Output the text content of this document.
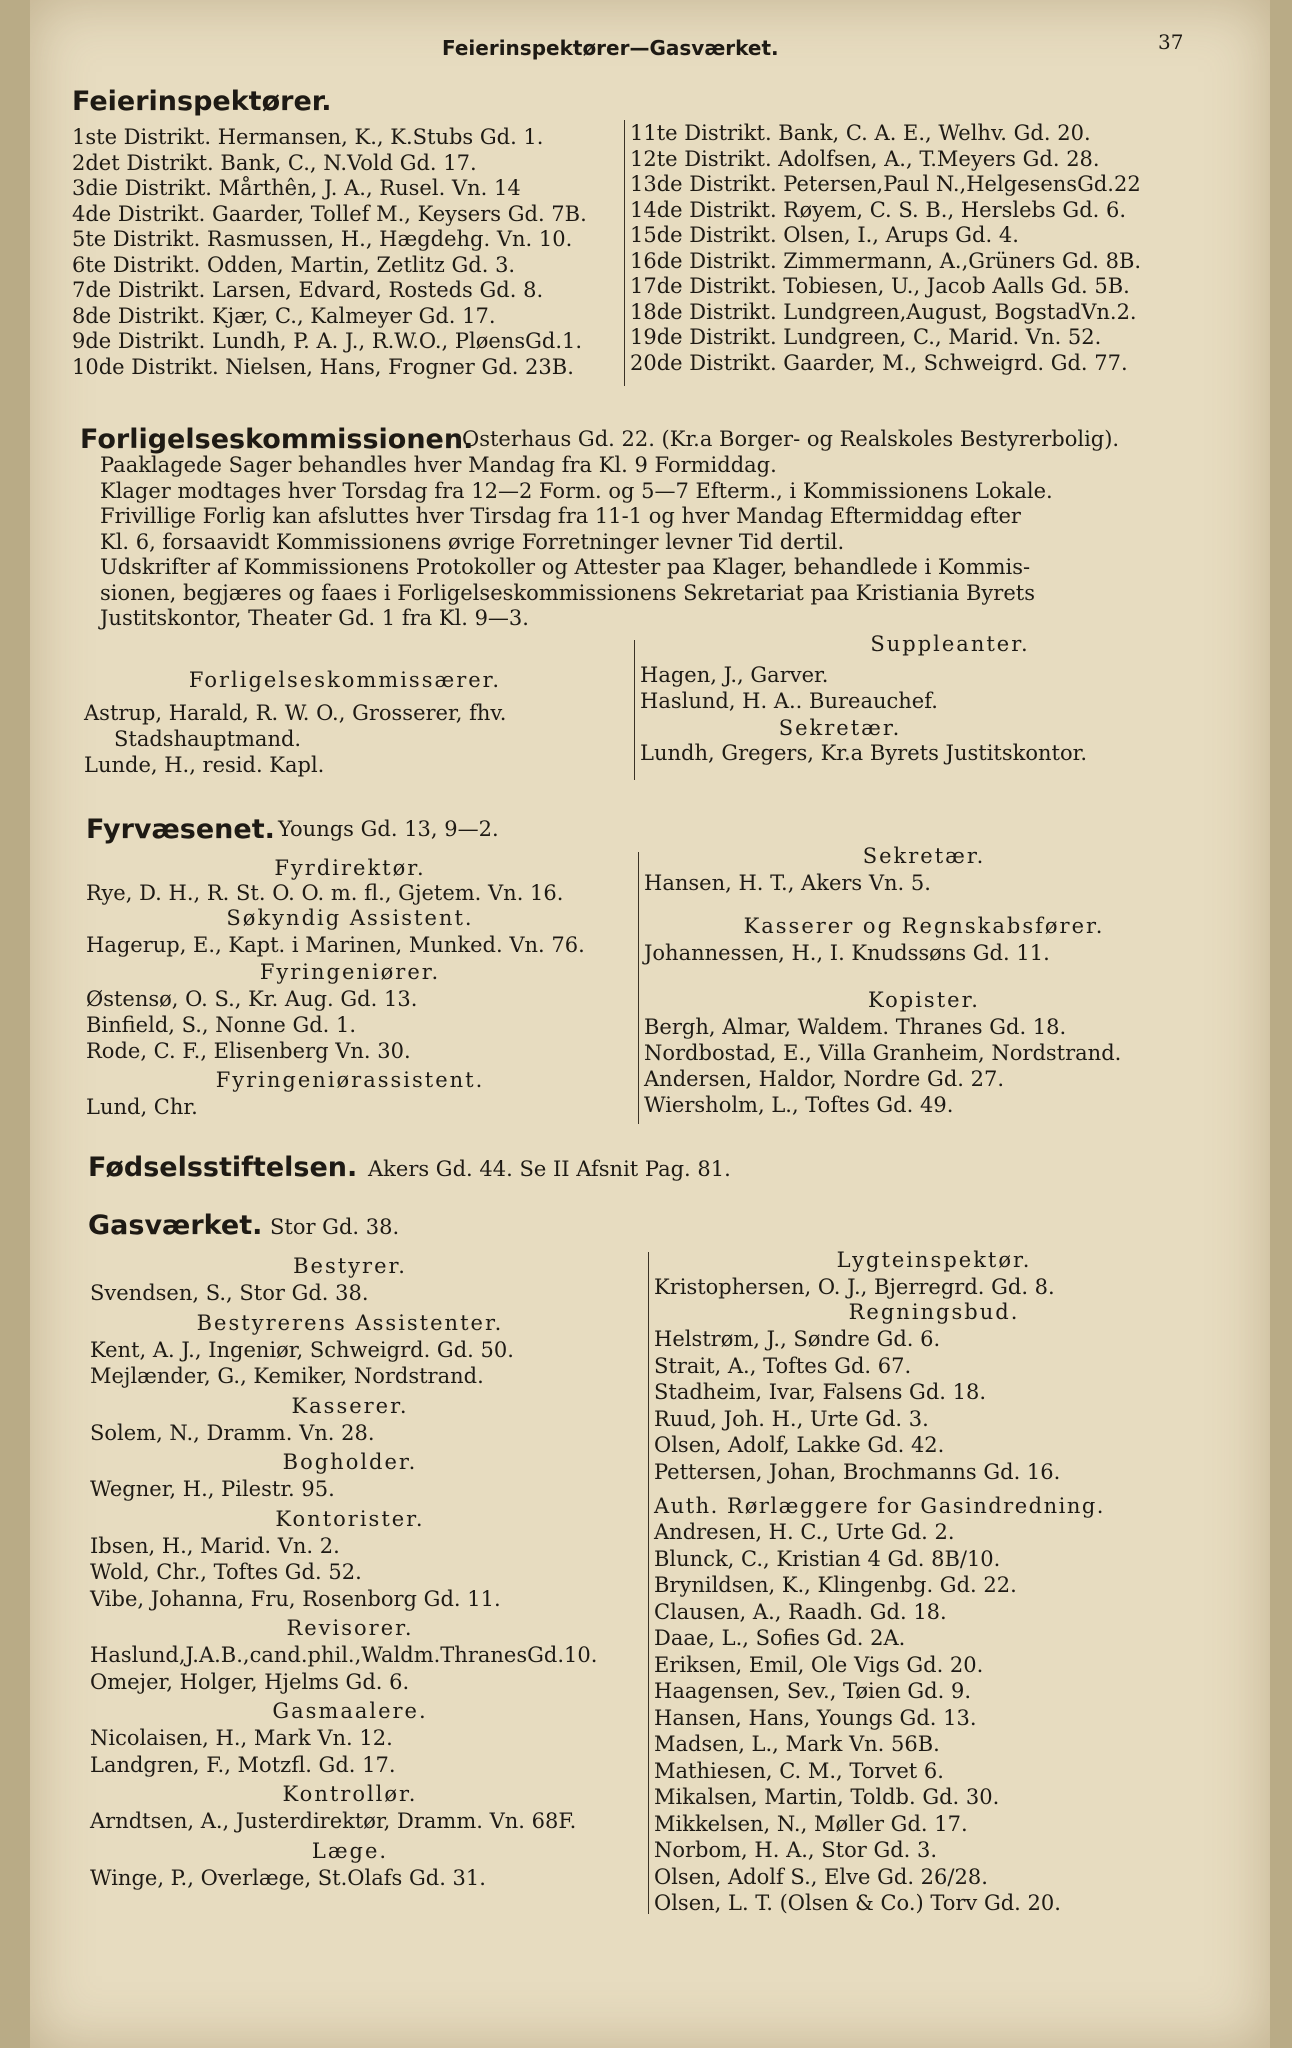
Feierinspektører—Gasværket.	37
Feierinspektører.
1ste Distrikt. Hermansen, K., K.Stubs Gd. 1.
2det Distrikt. Bank, C., N.Vold Gd. 17.
3die Distrikt. Mårthên, J. A., Rusel. Vn. 14
4de Distrikt. Gaarder, Tollef M., Keysers Gd. 7B.
5te Distrikt. Rasmussen, H., Hægdehg. Vn. 10.
6te Distrikt. Odden, Martin, Zetlitz Gd. 3.
7de Distrikt. Larsen, Edvard, Rosteds Gd. 8.
8de Distrikt. Kjær, C., Kalmeyer Gd. 17.
9de Distrikt. Lundh, P. A. J., R.W.O., PløensGd.1.
10de Distrikt. Nielsen, Hans, Frogner Gd. 23B.
11te Distrikt. Bank, C. A. E., Welhv. Gd. 20.
12te Distrikt. Adolfsen, A., T.Meyers Gd. 28.
13de Distrikt. Petersen,Paul N.,HelgesensGd.22
14de Distrikt. Røyem, C. S. B., Herslebs Gd. 6.
15de Distrikt. Olsen, I., Arups Gd. 4.
16de Distrikt. Zimmermann, A.,Grüners Gd. 8B.
17de Distrikt. Tobiesen, U., Jacob Aalls Gd. 5B.
18de Distrikt. Lundgreen,August, BogstadVn.2.
19de Distrikt. Lundgreen, C., Marid. Vn. 52.
20de Distrikt. Gaarder, M., Schweigrd. Gd. 77.
Forligelseskommissionen.
Osterhaus Gd. 22. (Kr.a Borger- og Realskoles Bestyrerbolig).
Paaklagede Sager behandles hver Mandag fra Kl. 9 Formiddag.
Klager modtages hver Torsdag fra 12—2 Form. og 5—7 Efterm., i Kommissionens Lokale.
Frivillige Forlig kan afsluttes hver Tirsdag fra 11-1 og hver Mandag Eftermiddag efter
Kl. 6, forsaavidt Kommissionens øvrige Forretninger levner Tid dertil.
Udskrifter af Kommissionens Protokoller og Attester paa Klager, behandlede i Kommis-
sionen, begjæres og faaes i Forligelseskommissionens Sekretariat paa Kristiania Byrets
Justitskontor, Theater Gd. 1 fra Kl. 9—3.
Forligelseskommissærer.
Astrup, Harald, R. W. O., Grosserer, fhv.
Stadshauptmand.
Lunde, H., resid. Kapl.
Suppleanter.
Hagen, J., Garver.
Haslund, H. A.. Bureauchef.
Sekretær.
Lundh, Gregers, Kr.a Byrets Justitskontor.
Fyrvæsenet. Youngs Gd. 13, 9—2.
Fyrdirektør.
Rye, D. H., R. St. O. O. m. fl., Gjetem. Vn. 16.
Søkyndig Assistent.
Hagerup, E., Kapt. i Marinen, Munked. Vn. 76.
Fyringeniører.
Østensø, O. S., Kr. Aug. Gd. 13.
Binfield, S., Nonne Gd. 1.
Rode, C. F., Elisenberg Vn. 30.
Fyringeniørassistent.
Lund, Chr.
Sekretær.
Hansen, H. T., Akers Vn. 5.
Kasserer og Regnskabsfører.
Johannessen, H., I. Knudssøns Gd. 11.
Kopister.
Bergh, Almar, Waldem. Thranes Gd. 18.
Nordbostad, E., Villa Granheim, Nordstrand.
Andersen, Haldor, Nordre Gd. 27.
Wiersholm, L., Toftes Gd. 49.
Fødselsstiftelsen. Akers Gd. 44. Se II Afsnit Pag. 81.
Gasværket. Stor Gd. 38.
Bestyrer.
Svendsen, S., Stor Gd. 38.
Bestyrerens Assistenter.
Kent, A. J., Ingeniør, Schweigrd. Gd. 50.
Mejlænder, G., Kemiker, Nordstrand.
Kasserer.
Solem, N., Dramm. Vn. 28.
Bogholder.
Wegner, H., Pilestr. 95.
Kontorister.
Ibsen, H., Marid. Vn. 2.
Wold, Chr., Toftes Gd. 52.
Vibe, Johanna, Fru, Rosenborg Gd. 11.
Revisorer.
Haslund,J.A.B.,cand.phil.,Waldm.ThranesGd.10.
Omejer, Holger, Hjelms Gd. 6.
Gasmaalere.
Nicolaisen, H., Mark Vn. 12.
Landgren, F., Motzfl. Gd. 17.
Kontrollør.
Arndtsen, A., Justerdirektør, Dramm. Vn. 68F.
Læge.
Winge, P., Overlæge, St.Olafs Gd. 31.
Lygteinspektør.
Kristophersen, O. J., Bjerregrd. Gd. 8.
Regningsbud.
Helstrøm, J., Søndre Gd. 6.
Strait, A., Toftes Gd. 67.
Stadheim, Ivar, Falsens Gd. 18.
Ruud, Joh. H., Urte Gd. 3.
Olsen, Adolf, Lakke Gd. 42.
Pettersen, Johan, Brochmanns Gd. 16.
Auth. Rørlæggere for Gasindredning.
Andresen, H. C., Urte Gd. 2.
Blunck, C., Kristian 4 Gd. 8B/10.
Brynildsen, K., Klingenbg. Gd. 22.
Clausen, A., Raadh. Gd. 18.
Daae, L., Sofies Gd. 2A.
Eriksen, Emil, Ole Vigs Gd. 20.
Haagensen, Sev., Tøien Gd. 9.
Hansen, Hans, Youngs Gd. 13.
Madsen, L., Mark Vn. 56B.
Mathiesen, C. M., Torvet 6.
Mikalsen, Martin, Toldb. Gd. 30.
Mikkelsen, N., Møller Gd. 17.
Norbom, H. A., Stor Gd. 3.
Olsen, Adolf S., Elve Gd. 26/28.
Olsen, L. T. (Olsen & Co.) Torv Gd. 20.
